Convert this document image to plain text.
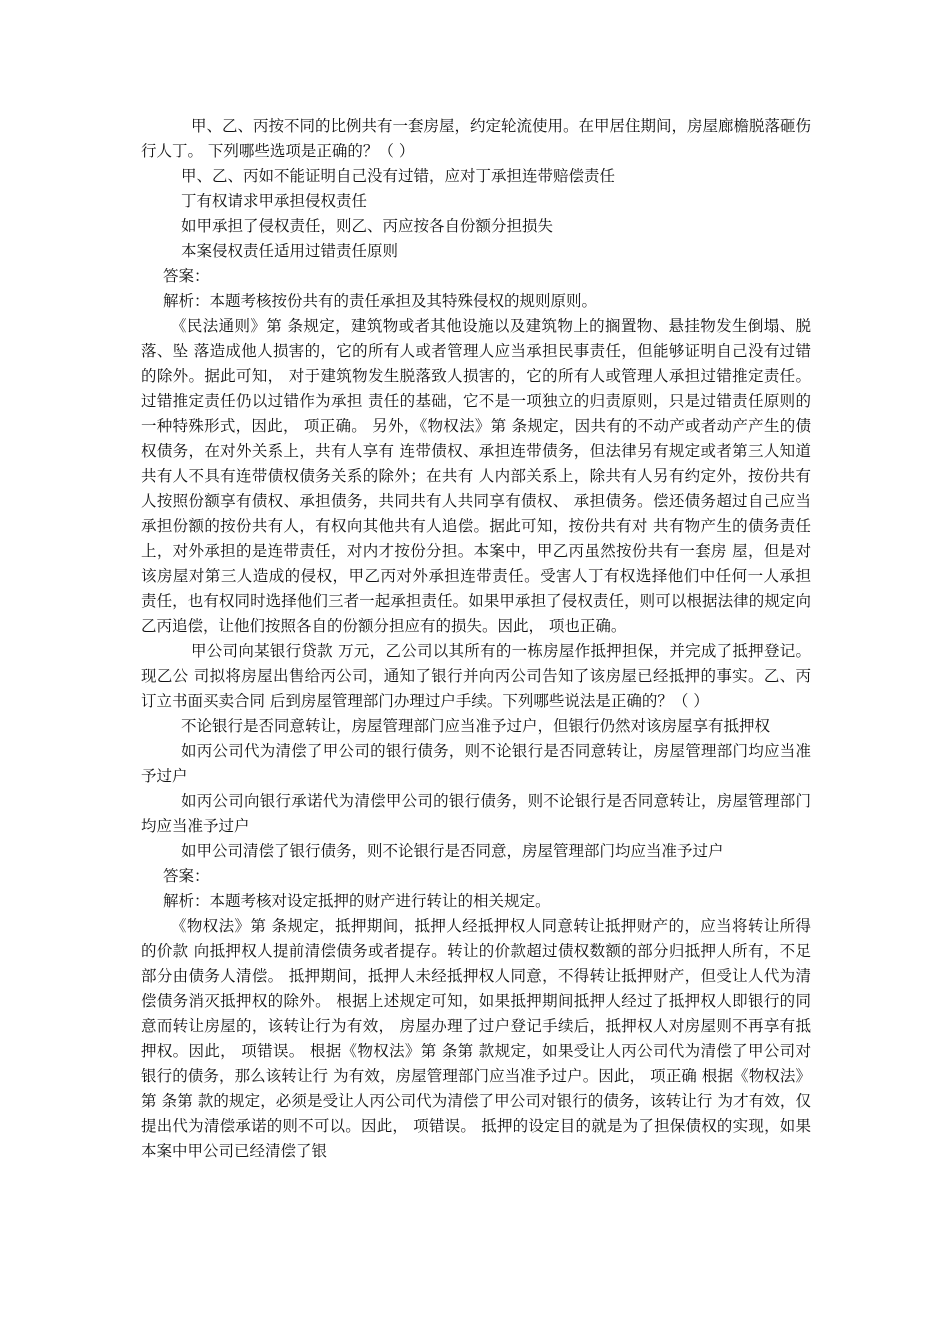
甲、乙、丙按不同的比例共有一套房屋，约定轮流使用。在甲居住期间，房屋廊檐脱落砸伤行人丁。 下列哪些选项是正确的？（ ）

甲、乙、丙如不能证明自己没有过错，应对丁承担连带赔偿责任

丁有权请求甲承担侵权责任

如甲承担了侵权责任，则乙、丙应按各自份额分担损失

本案侵权责任适用过错责任原则

答案：

解析：本题考核按份共有的责任承担及其特殊侵权的规则原则。

《民法通则》第 条规定，建筑物或者其他设施以及建筑物上的搁置物、悬挂物发生倒塌、脱落、坠 落造成他人损害的，它的所有人或者管理人应当承担民事责任，但能够证明自己没有过错的除外。据此可知， 对于建筑物发生脱落致人损害的，它的所有人或管理人承担过错推定责任。过错推定责任仍以过错作为承担 责任的基础，它不是一项独立的归责原则，只是过错责任原则的一种特殊形式，因此， 项正确。 另外，《物权法》第 条规定，因共有的不动产或者动产产生的债权债务，在对外关系上，共有人享有 连带债权、承担连带债务，但法律另有规定或者第三人知道共有人不具有连带债权债务关系的除外；在共有 人内部关系上，除共有人另有约定外，按份共有人按照份额享有债权、承担债务，共同共有人共同享有债权、 承担债务。偿还债务超过自己应当承担份额的按份共有人，有权向其他共有人追偿。据此可知，按份共有对 共有物产生的债务责任上，对外承担的是连带责任，对内才按份分担。本案中，甲乙丙虽然按份共有一套房 屋，但是对该房屋对第三人造成的侵权，甲乙丙对外承担连带责任。受害人丁有权选择他们中任何一人承担 责任，也有权同时选择他们三者一起承担责任。如果甲承担了侵权责任，则可以根据法律的规定向乙丙追偿，让他们按照各自的份额分担应有的损失。因此， 项也正确。

甲公司向某银行贷款 万元，乙公司以其所有的一栋房屋作抵押担保，并完成了抵押登记。现乙公 司拟将房屋出售给丙公司，通知了银行并向丙公司告知了该房屋已经抵押的事实。乙、丙订立书面买卖合同 后到房屋管理部门办理过户手续。下列哪些说法是正确的？（ ）

不论银行是否同意转让，房屋管理部门应当准予过户，但银行仍然对该房屋享有抵押权

如丙公司代为清偿了甲公司的银行债务，则不论银行是否同意转让，房屋管理部门均应当准予过户

如丙公司向银行承诺代为清偿甲公司的银行债务，则不论银行是否同意转让，房屋管理部门均应当准予过户

如甲公司清偿了银行债务，则不论银行是否同意，房屋管理部门均应当准予过户

答案：

解析：本题考核对设定抵押的财产进行转让的相关规定。

《物权法》第 条规定，抵押期间，抵押人经抵押权人同意转让抵押财产的，应当将转让所得的价款 向抵押权人提前清偿债务或者提存。转让的价款超过债权数额的部分归抵押人所有，不足部分由债务人清偿。 抵押期间，抵押人未经抵押权人同意，不得转让抵押财产，但受让人代为清偿债务消灭抵押权的除外。 根据上述规定可知，如果抵押期间抵押人经过了抵押权人即银行的同意而转让房屋的，该转让行为有效， 房屋办理了过户登记手续后，抵押权人对房屋则不再享有抵押权。因此， 项错误。 根据《物权法》第 条第 款规定，如果受让人丙公司代为清偿了甲公司对银行的债务，那么该转让行 为有效，房屋管理部门应当准予过户。因此， 项正确 根据《物权法》第 条第 款的规定，必须是受让人丙公司代为清偿了甲公司对银行的债务，该转让行 为才有效，仅提出代为清偿承诺的则不可以。因此， 项错误。 抵押的设定目的就是为了担保债权的实现，如果本案中甲公司已经清偿了银
